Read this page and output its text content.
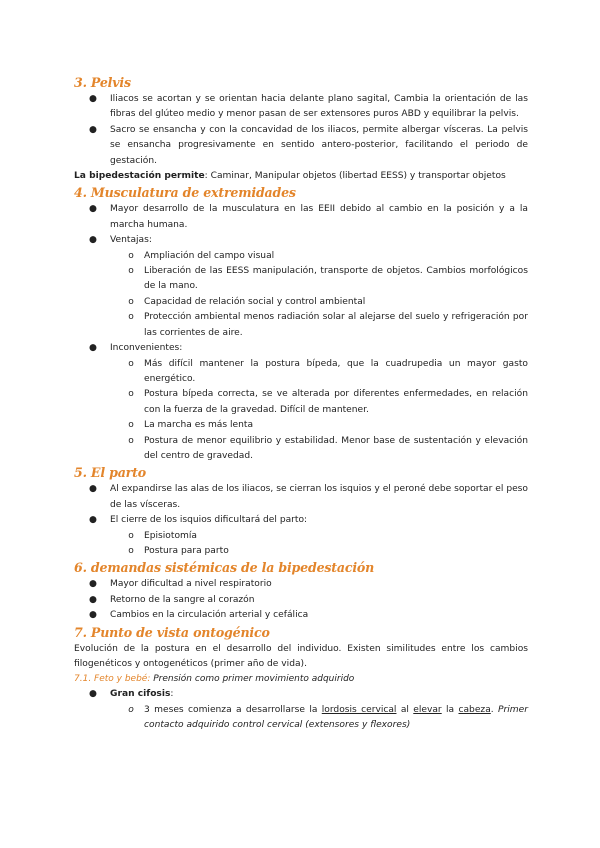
3. Pelvis
● Iliacos se acortan y se orientan hacia delante plano sagital, Cambia la orientación de las fibras del glúteo medio y menor pasan de ser extensores puros ABD y equilibrar la pelvis.
● Sacro se ensancha y con la concavidad de los iliacos, permite albergar vísceras. La pelvis se ensancha progresivamente en sentido antero-posterior, facilitando el periodo de gestación.

La bipedestación permite: Caminar, Manipular objetos (libertad EESS) y transportar objetos

4. Musculatura de extremidades
● Mayor desarrollo de la musculatura en las EEII debido al cambio en la posición y a la marcha humana.
● Ventajas:
o Ampliación del campo visual
o Liberación de las EESS manipulación, transporte de objetos. Cambios morfológicos de la mano.
o Capacidad de relación social y control ambiental
o Protección ambiental menos radiación solar al alejarse del suelo y refrigeración por las corrientes de aire.
● Inconvenientes:
o Más difícil mantener la postura bípeda, que la cuadrupedia un mayor gasto energético.
o Postura bípeda correcta, se ve alterada por diferentes enfermedades, en relación con la fuerza de la gravedad. Difícil de mantener.
o La marcha es más lenta
o Postura de menor equilibrio y estabilidad. Menor base de sustentación y elevación del centro de gravedad.
5. El parto
● Al expandirse las alas de los iliacos, se cierran los isquios y el peroné debe soportar el peso de las vísceras.
● El cierre de los isquios dificultará del parto:
o Episiotomía
o Postura para parto
6. demandas sistémicas de la bipedestación
● Mayor dificultad a nivel respiratorio
● Retorno de la sangre al corazón
● Cambios en la circulación arterial y cefálica
7. Punto de vista ontogénico

Evolución de la postura en el desarrollo del individuo. Existen similitudes entre los cambios filogenéticos y ontogenéticos (primer año de vida).

7.1. Feto y bebé: Prensión como primer movimiento adquirido
● Gran cifosis:
o 3 meses comienza a desarrollarse la lordosis cervical al elevar la cabeza. Primer contacto adquirido control cervical (extensores y flexores)
